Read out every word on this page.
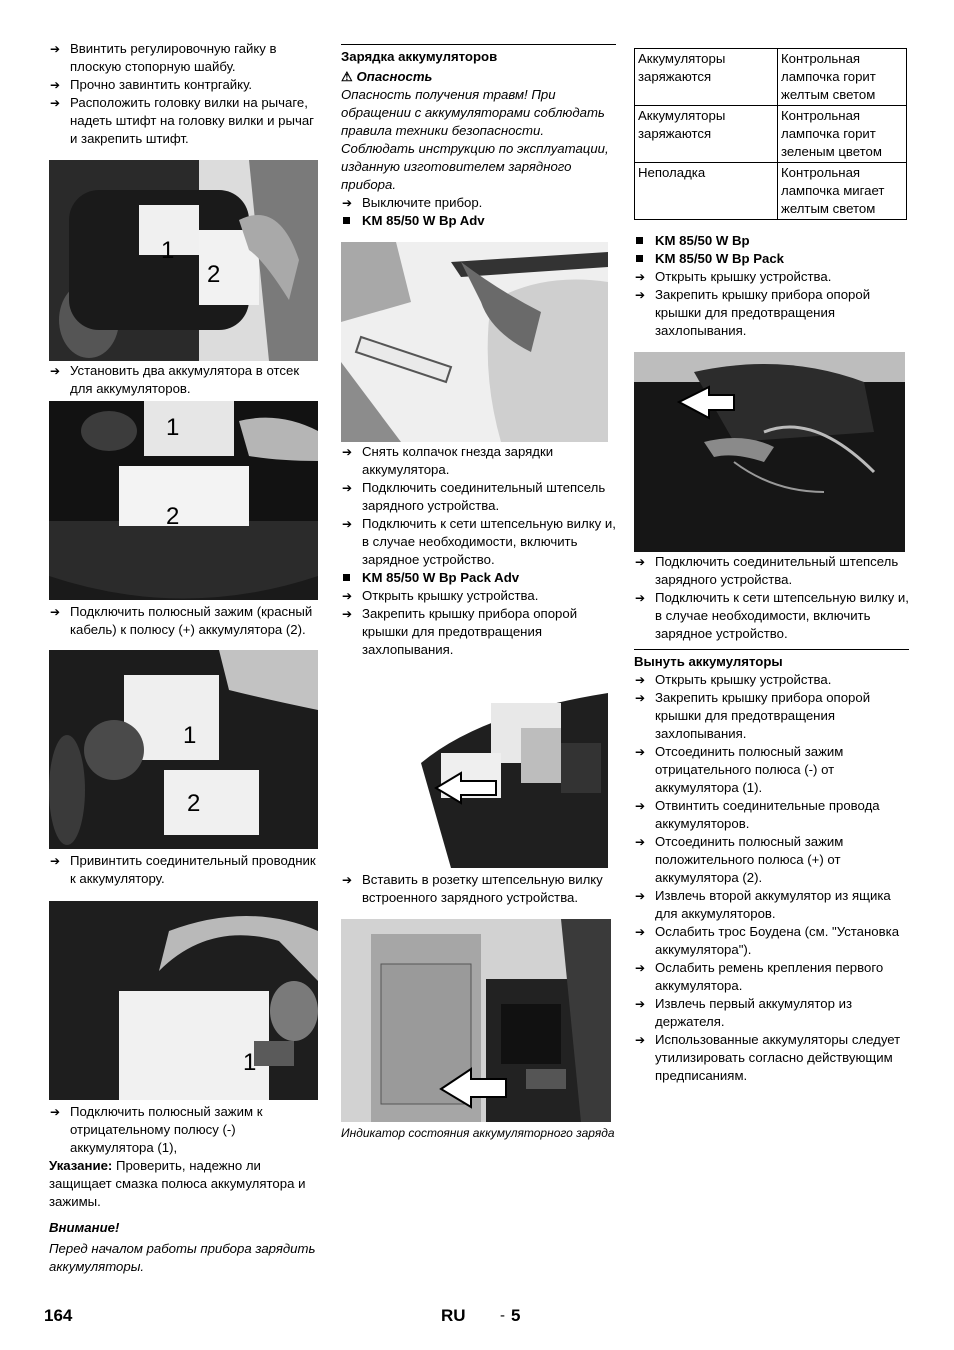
➔ Ввинтить регулировочную гайку в плоскую стопорную шайбу.
➔ Прочно завинтить контргайку.
➔ Расположить головку вилки на рычаге, надеть штифт на головку вилки и рычаг и закрепить штифт.
1
2
➔ Установить два аккумулятора в отсек для аккумуляторов.
1
2
➔ Подключить полюсный зажим (красный кабель) к полюсу (+) аккумулятора (2).
1
2
➔ Привинтить соединительный проводник к аккумулятору.
1
➔ Подключить полюсный зажим к отрицательному полюсу (-) аккумулятора (1),
Указание: Проверить, надежно ли защищает смазка полюса аккумулятора и зажимы.
Внимание!
Перед началом работы прибора зарядить аккумуляторы.
Зарядка аккумуляторов
⚠ Опасность
Опасность получения травм! При обращении с аккумуляторами соблюдать правила техники безопасности. Соблюдать инструкцию по эксплуатации, изданную изготовителем зарядного прибора.
➔ Выключите прибор.
KM 85/50 W Bp Adv
➔ Снять колпачок гнезда зарядки аккумулятора.
➔ Подключить соединительный штепсель зарядного устройства.
➔ Подключить к сети штепсельную вилку и, в случае необходимости, включить зарядное устройство.
KM 85/50 W Bp Pack Adv
➔ Открыть крышку устройства.
➔ Закрепить крышку прибора опорой крышки для предотвращения захлопывания.
➔ Вставить в розетку штепсельную вилку встроенного зарядного устройства.
Индикатор состояния аккумуляторного заряда
Аккумуляторы заряжаются	Контрольная лампочка горит желтым светом
Аккумуляторы заряжаются	Контрольная лампочка горит зеленым цветом
Неполадка	Контрольная лампочка мигает желтым светом
KM 85/50 W Bp
KM 85/50 W Bp Pack
➔ Открыть крышку устройства.
➔ Закрепить крышку прибора опорой крышки для предотвращения захлопывания.
➔ Подключить соединительный штепсель зарядного устройства.
➔ Подключить к сети штепсельную вилку и, в случае необходимости, включить зарядное устройство.
Вынуть аккумуляторы
➔ Открыть крышку устройства.
➔ Закрепить крышку прибора опорой крышки для предотвращения захлопывания.
➔ Отсоединить полюсный зажим отрицательного полюса (-) от аккумулятора (1).
➔ Отвинтить соединительные провода аккумуляторов.
➔ Отсоединить полюсный зажим положительного полюса (+) от аккумулятора (2).
➔ Извлечь второй аккумулятор из ящика для аккумуляторов.
➔ Ослабить трос Боудена (см. "Установка аккумулятора").
➔ Ослабить ремень крепления первого аккумулятора.
➔ Извлечь первый аккумулятор из держателя.
➔ Использованные аккумуляторы следует утилизировать согласно действующим предписаниям.
164	RU - 5
